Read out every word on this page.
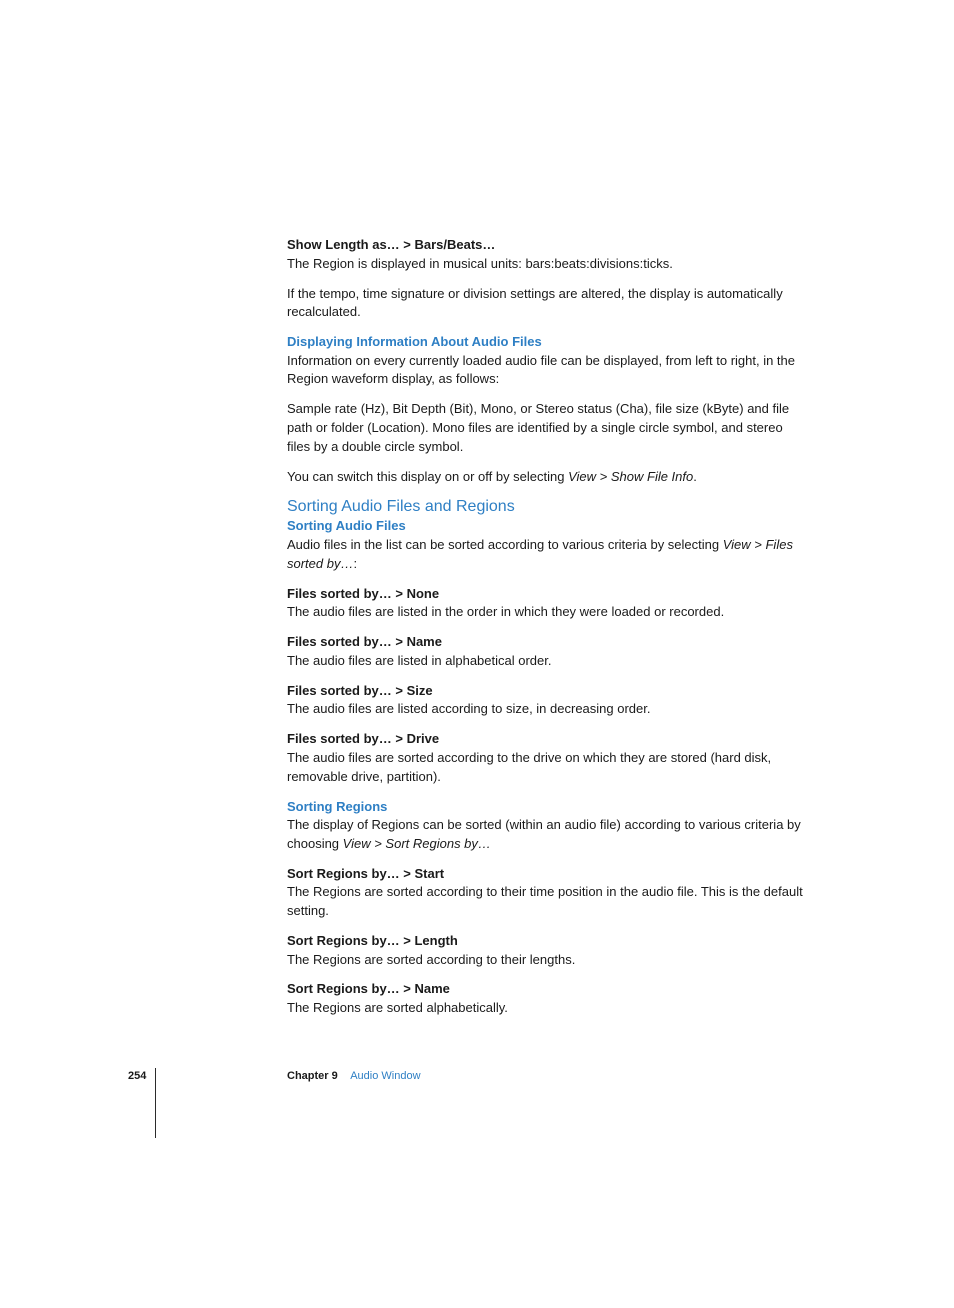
Show Length as… > Bars/Beats…
The Region is displayed in musical units: bars:beats:divisions:ticks.
If the tempo, time signature or division settings are altered, the display is automatically recalculated.
Displaying Information About Audio Files
Information on every currently loaded audio file can be displayed, from left to right, in the Region waveform display, as follows:
Sample rate (Hz), Bit Depth (Bit), Mono, or Stereo status (Cha), file size (kByte) and file path or folder (Location). Mono files are identified by a single circle symbol, and stereo files by a double circle symbol.
You can switch this display on or off by selecting View > Show File Info.
Sorting Audio Files and Regions
Sorting Audio Files
Audio files in the list can be sorted according to various criteria by selecting View > Files sorted by…:
Files sorted by… > None
The audio files are listed in the order in which they were loaded or recorded.
Files sorted by… > Name
The audio files are listed in alphabetical order.
Files sorted by… > Size
The audio files are listed according to size, in decreasing order.
Files sorted by… > Drive
The audio files are sorted according to the drive on which they are stored (hard disk, removable drive, partition).
Sorting Regions
The display of Regions can be sorted (within an audio file) according to various criteria by choosing View > Sort Regions by…
Sort Regions by… > Start
The Regions are sorted according to their time position in the audio file. This is the default setting.
Sort Regions by… > Length
The Regions are sorted according to their lengths.
Sort Regions by… > Name
The Regions are sorted alphabetically.
254	Chapter 9 Audio Window
